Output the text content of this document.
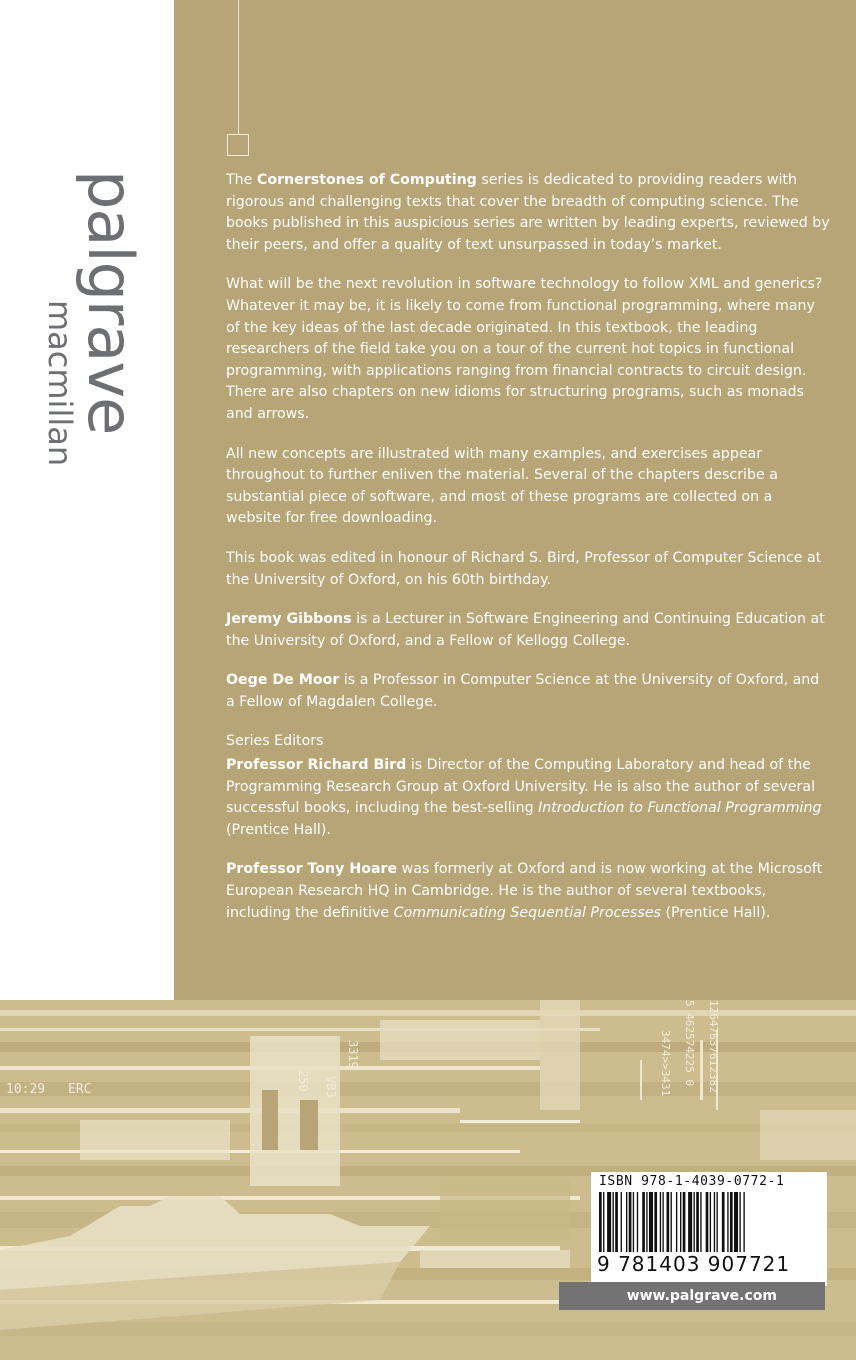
palgrave
macmillan

The Cornerstones of Computing series is dedicated to providing readers with rigorous and challenging texts that cover the breadth of computing science. The books published in this auspicious series are written by leading experts, reviewed by their peers, and offer a quality of text unsurpassed in today’s market.

What will be the next revolution in software technology to follow XML and generics? Whatever it may be, it is likely to come from functional programming, where many of the key ideas of the last decade originated. In this textbook, the leading researchers of the field take you on a tour of the current hot topics in functional programming, with applications ranging from financial contracts to circuit design. There are also chapters on new idioms for structuring programs, such as monads and arrows.

All new concepts are illustrated with many examples, and exercises appear throughout to further enliven the material. Several of the chapters describe a substantial piece of software, and most of these programs are collected on a website for free downloading.

This book was edited in honour of Richard S. Bird, Professor of Computer Science at the University of Oxford, on his 60th birthday.

Jeremy Gibbons is a Lecturer in Software Engineering and Continuing Education at the University of Oxford, and a Fellow of Kellogg College.

Oege De Moor is a Professor in Computer Science at the University of Oxford, and a Fellow of Magdalen College.

Series Editors

Professor Richard Bird is Director of the Computing Laboratory and head of the Programming Research Group at Oxford University. He is also the author of several successful books, including the best-selling Introduction to Functional Programming (Prentice Hall).

Professor Tony Hoare was formerly at Oxford and is now working at the Microsoft European Research HQ in Cambridge. He is the author of several textbooks, including the definitive Communicating Sequential Processes (Prentice Hall).

10:29 ERC
5 462574225 0	12647637612382
3474>>3431
3319
VB3
250
ISBN 978-1-4039-0772-1
9 781403 907721
www.palgrave.com
